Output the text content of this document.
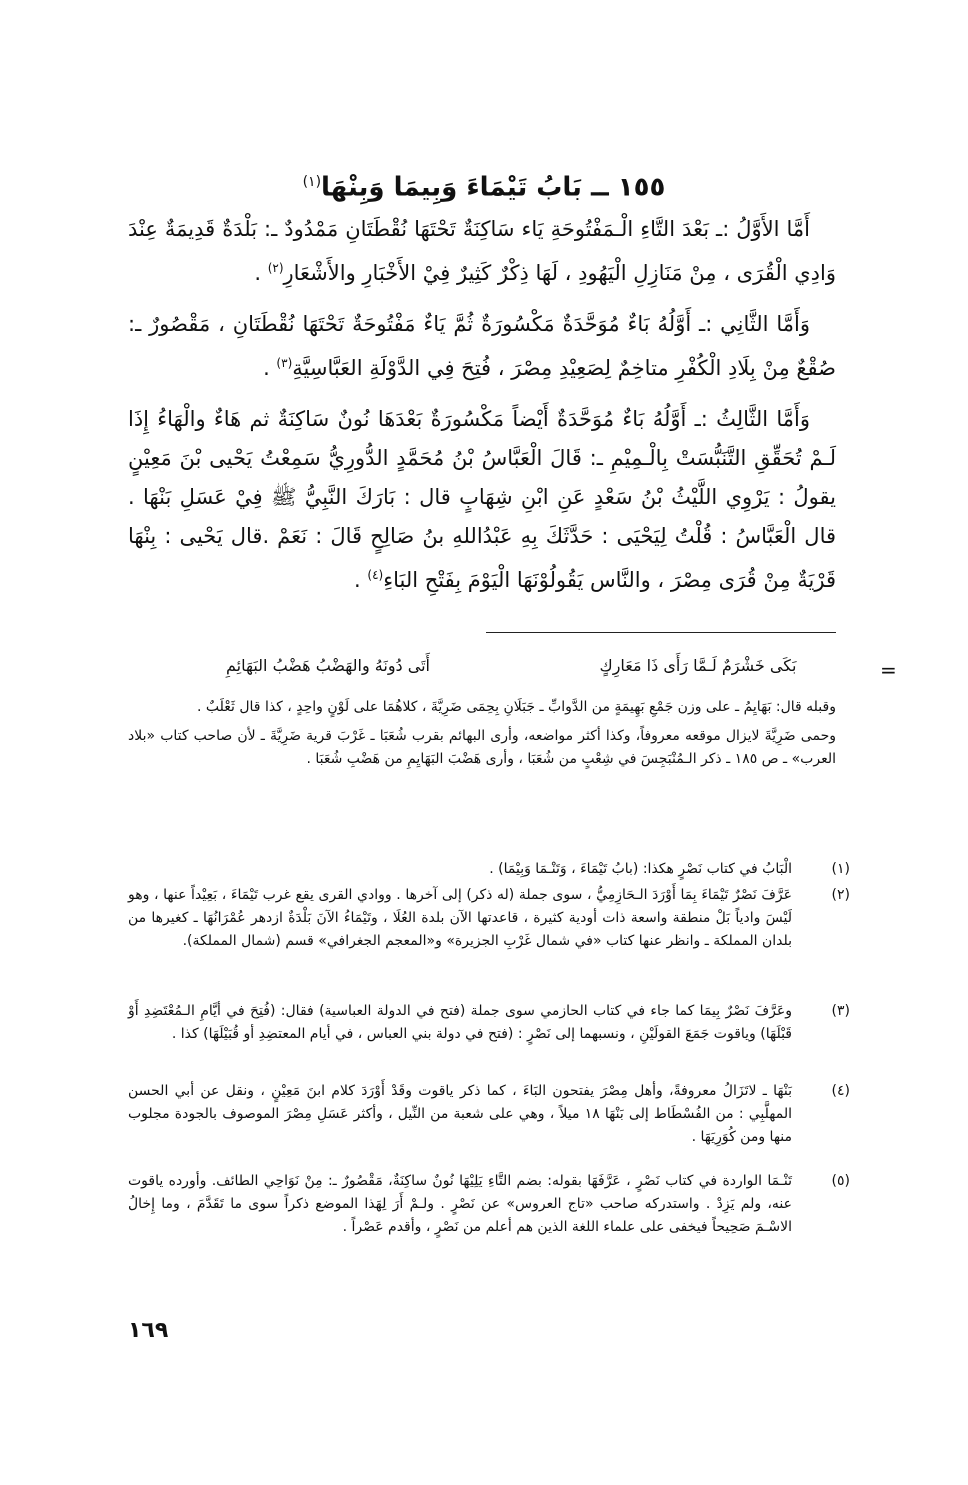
١٥٥ ــ بَابُ تَيْمَاءَ وَبِيمَا وَبِنْهَا$^{(١)}$

أَمَّا الأَوَّلُ :ـ بَعْدَ التَّاءِ الْـمَفْتُوحَةِ يَاء سَاكِنَةٌ تَحْتَهَا نُقْطَتَانِ مَمْدُودٌ ـ: بَلْدَةٌ قَدِيمَةٌ عِنْدَ وَادِي الْقُرَى ، مِنْ مَنَازِلِ الْيَهُودِ ، لَهَا ذِكْرٌ كَثِيرٌ فِيْ الأَخْبَارِ والأَشْعَارِ$^{(٢)}$ .

وَأَمَّا الثَّانِي :ـ أَوَّلُهُ بَاءٌ مُوَحَّدَةٌ مَكْسُورَةٌ ثُمَّ يَاءٌ مَفْتُوحَةٌ تَحْتَهَا نُقْطَتَانِ ، مَقْصُورٌ ـ: صُقْعٌ مِنْ بِلَادِ الْكُفْرِ متاخِمٌ لِصَعِيْدِ مِصْرَ ، فُتِحَ فِي الدَّوْلَةِ العَبَّاسِيَّةِ$^{(٣)}$ .

وَأَمَّا الثَّالِثُ :ـ أَوَّلُهُ بَاءٌ مُوَحَّدَةٌ أَيْضاً مَكْسُورَةٌ بَعْدَهَا نُونٌ سَاكِنَةٌ ثم هَاءٌ والْهَاءُ إِذَا لَـمْ تُحَقِّقِ التَّنَبُّسَتْ بِالْـمِيْمِ ـ: قَالَ الْعَبَّاسُ بْنُ مُحَمَّدٍ الدُّورِيُّ سَمِعْتُ يَحْيى بْنَ مَعِيْنٍ يقولُ : يَرْوِي اللَّيْثُ بْنُ سَعْدٍ عَنِ ابْنِ شِهَابٍ قال : بَارَكَ النَّبِيُّ ﷺ فِيْ عَسَلِ بَنْهَا . قال الْعَبَّاسُ : قُلْتُ لِيَحْيَى : حَدَّثَكَ بِهِ عَبْدُاللهِ بنُ صَالِحٍ قَالَ : نَعَمْ .قال يَحْيى : بِنْهَا قَرْيَةٌ مِنْ قُرَى مِصْرَ ، والنَّاس يَقُولُوْنَهَا الْيَوْمَ بِفَتْحِ البَاءِ$^{(٤)}$ .

=
بَكَى خَشْرَمٌ لَـمَّا رَأَى ذَا مَعَارِكٍ
أَتَى دُونَهُ والهَضْبُ هَضْبُ البَهَائِمِ

وقبله قال: بَهَايِمُ ـ على وزن جَمْعِ بَهِيمَةٍ من الدَّوابِّ ـ جَبَلَانِ بِحِمَى ضَرِيَّةَ ، كلاهُمَا على لَوْنٍ واحِدٍ ، كذا قال ثَعْلَبٌ .

وحمى ضَرِيَّةَ لايزال موقعه معروفاً، وكذا أكثر مواضعه، وأرى البهائم بقرب شُعَبَا ـ غَرْبَ قرية ضَرِيَّةَ ـ لأن صاحب كتاب «بلاد العرب» ـ ص ١٨٥ ـ ذكر الـمُنْبَجِسَ في شِعْبٍ من شُعَبَا ، وأرى هَضْبَ البَهَايِمِ من هَضْبِ شُعَبَا .

(١)
الْبَابُ في كتاب نَصْرٍ هكذا: (بابُ تَيْمَاءَ ، وَتَنْـمَا وَبِيْمَا) .
(٢)
عَرَّفَ نَصْرٌ تَيْمَاءَ بِمَا أَوْرَدَ الـحَازِمِيُّ ، سوى جملة (له ذكر) إلى آخرها . ووادي القرى يقع غرب تَيْمَاءَ ، بَعِيْداً عنها ، وهو لَيْسَ وادياً بَلْ منطقة واسعة ذات أودية كثيرة ، قاعدتها الآن بلدة العُلَا ، وتَيْمَاءُ الآنَ بَلْدَةٌ ازدهر عُمْرَانُهَا ـ كغيرها من بلدان المملكة ـ وانظر عنها كتاب «في شمال غَرْبِ الجزيرة» و«المعجم الجغرافي» قسم (شمال المملكة).
(٣)
وعَرَّفَ نَصْرٌ بِيمَا كما جاء في كتاب الحازمي سوى جملة (فتح في الدولة العباسية) فقال: (فُتِحَ في أيَّامِ الـمُعْتَضِدِ أَوْ قَبْلَهَا) وياقوت جَمَعَ القولَيْنِ ، ونسبهما إلى نَصْرٍ : (فتح في دولة بني العباس ، في أيام المعتضِدِ أو قُبَيْلَهَا) كذا .
(٤)
بَنْهَا ـ لاتَزَالُ معروفةً، وأهل مِصْرَ يفتحون البَاءَ ، كما ذكر ياقوت وقَدْ أَوْرَدَ كلام ابنَ مَعِيْنٍ ، ونقل عن أبي الحسن المهلَّبِي : من الفُسْطَاط إلى بَنْهَا ١٨ ميلاً ، وهي على شعبة من النِّيل ، وأكثر عَسَلِ مِصْرَ الموصوف بالجودة مجلوب منها ومن كُوَرِيَهَا .
(٥)
تَنْـمَا الواردة في كتاب نَصْرٍ ، عَرَّفَهَا بقوله: بضم التَّاءِ يَلِيْهَا نُونٌ ساكِنَةٌ، مَقْصُورٌ ـ: مِنْ نَوَاحِي الطائف. وأورده ياقوت عنه، ولم يَزِدْ . واستدركه صاحب «تاج العروس» عن نَصْرٍ . ولـمْ أَرَ لِهَذا الموضع ذكراً سوى ما تَقَدَّمَ ، وما إِخالُ الاسْـمَ صَحِيحاً فيخفى على علماء اللغة الذين هم أعلم من نَصْرٍ ، وأقدم عَصْراً .
١٦٩
